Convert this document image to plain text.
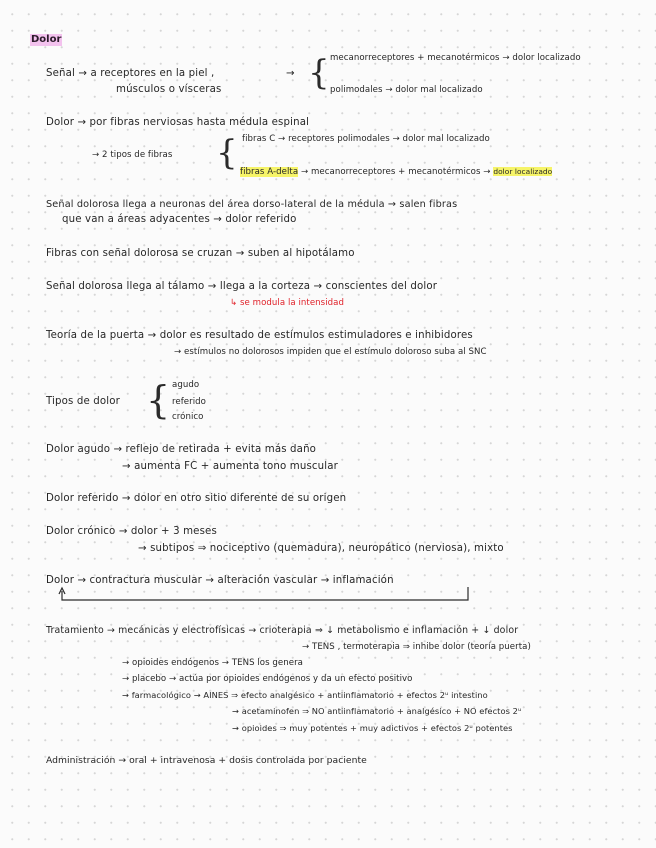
Dolor
Señal → a receptores en la piel ,
músculos o vísceras
→ { mecanorreceptores + mecanotérmicos → dolor localizado
polimodales → dolor mal localizado
Dolor → por fibras nerviosas hasta médula espinal
→ 2 tipos de fibras { fibras C → receptores polimodales → dolor mal localizado
fibras A-delta → mecanorreceptores + mecanotérmicos → dolor localizado
Señal dolorosa llega a neuronas del área dorso-lateral de la médula → salen fibras
que van a áreas adyacentes → dolor referido
Fibras con señal dolorosa se cruzan → suben al hipotálamo
Señal dolorosa llega al tálamo → llega a la corteza → conscientes del dolor
↳ se modula la intensidad
Teoría de la puerta → dolor es resultado de estímulos estimuladores e inhibidores
→ estímulos no dolorosos impiden que el estímulo doloroso suba al SNC
Tipos de dolor { agudo
referido
crónico
Dolor agudo → reflejo de retirada + evita más daño
→ aumenta FC + aumenta tono muscular
Dolor referido → dolor en otro sitio diferente de su origen
Dolor crónico → dolor + 3 meses
→ subtipos ⇒ nociceptivo (quemadura), neuropático (nerviosa), mixto
Dolor → contractura muscular → alteración vascular → inflamación
Tratamiento → mecánicas y electrofísicas → crioterapia ⇒ ↓ metabolismo e inflamación + ↓ dolor
→ TENS , termoterapia ⇒ inhibe dolor (teoría puerta)
→ opioides endógenos → TENS los genera
→ placebo → actúa por opioides endógenos y da un efecto positivo
→ farmacológico → AINES ⇒ efecto analgésico + antiinflamatorio + efectos 2ᵘ intestino
→ acetaminofen ⇒ NO antiinflamatorio + analgésico + NO efectos 2ᵘ
→ opioides ⇒ muy potentes + muy adictivos + efectos 2ᵘ potentes
Administración → oral + intravenosa + dosis controlada por paciente
